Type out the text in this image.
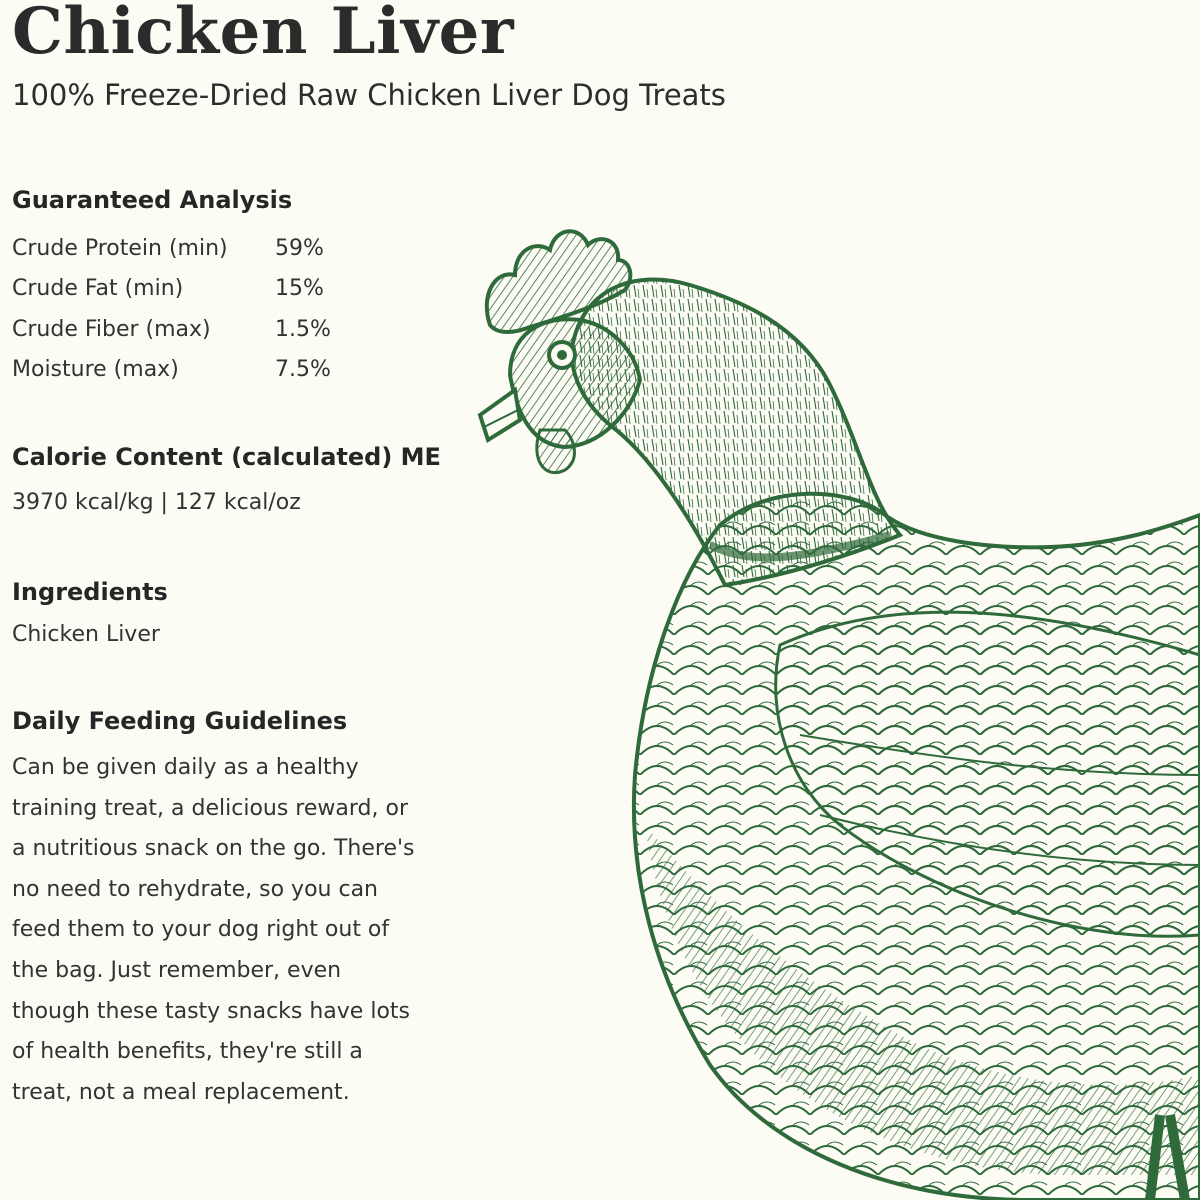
Chicken Liver
100% Freeze-Dried Raw Chicken Liver Dog Treats
Guaranteed Analysis
Crude Protein (min)	59%
Crude Fat (min)	15%
Crude Fiber (max)	1.5%
Moisture (max)	7.5%
Calorie Content (calculated) ME

3970 kcal/kg | 127 kcal/oz

Ingredients

Chicken Liver

Daily Feeding Guidelines
Can be given daily as a healthy
training treat, a delicious reward, or
a nutritious snack on the go. There's
no need to rehydrate, so you can
feed them to your dog right out of
the bag. Just remember, even
though these tasty snacks have lots
of health benefits, they're still a
treat, not a meal replacement.
